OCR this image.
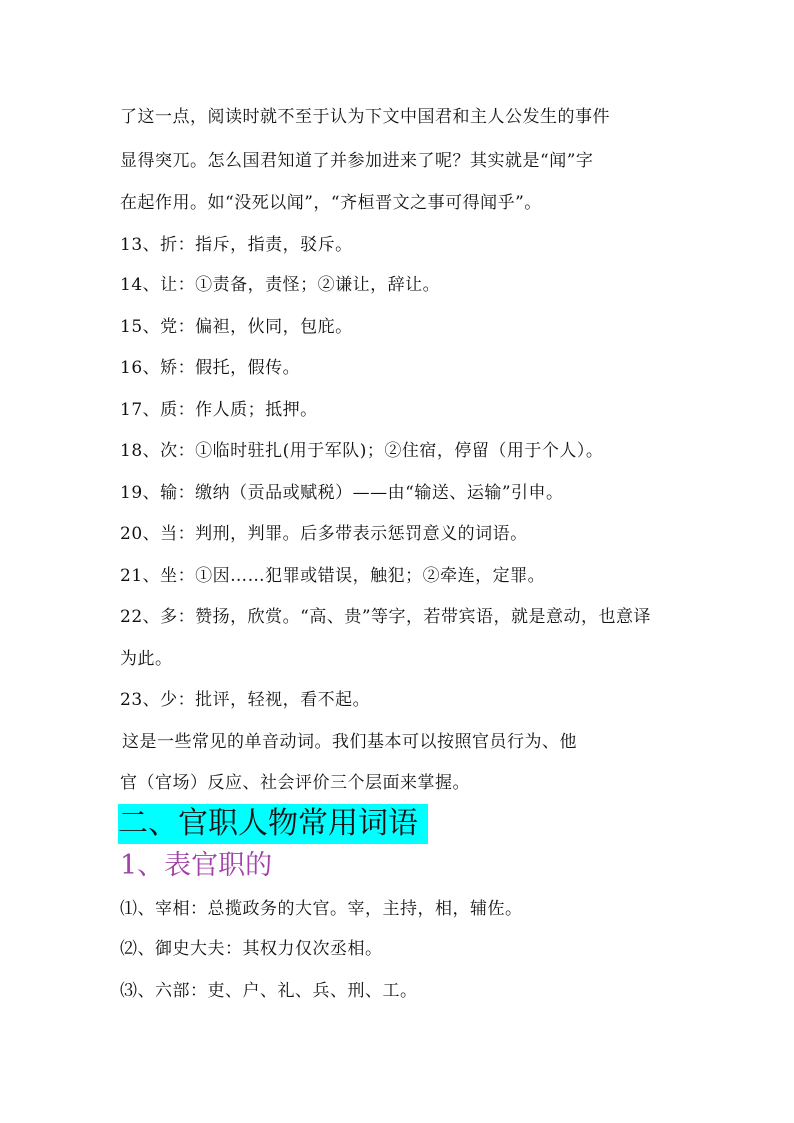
了这一点，阅读时就不至于认为下文中国君和主人公发生的事件
显得突兀。怎么国君知道了并参加进来了呢？其实就是“闻”字
在起作用。如“没死以闻”，“齐桓晋文之事可得闻乎”。
13、折：指斥，指责，驳斥。
14、让：①责备，责怪；②谦让，辞让。
15、党：偏袒，伙同，包庇。
16、矫：假托，假传。
17、质：作人质；抵押。
18、次：①临时驻扎(用于军队)；②住宿，停留（用于个人）。
19、输：缴纳（贡品或赋税）——由“输送、运输”引申。
20、当：判刑，判罪。后多带表示惩罚意义的词语。
21、坐：①因……犯罪或错误，触犯；②牵连，定罪。
22、多：赞扬，欣赏。“高、贵”等字，若带宾语，就是意动，也意译
为此。
23、少：批评，轻视，看不起。
这是一些常见的单音动词。我们基本可以按照官员行为、他
官（官场）反应、社会评价三个层面来掌握。
二、官职人物常用词语
1、表官职的
⑴、宰相：总揽政务的大官。宰，主持，相，辅佐。
⑵、御史大夫：其权力仅次丞相。
⑶、六部：吏、户、礼、兵、刑、工。
